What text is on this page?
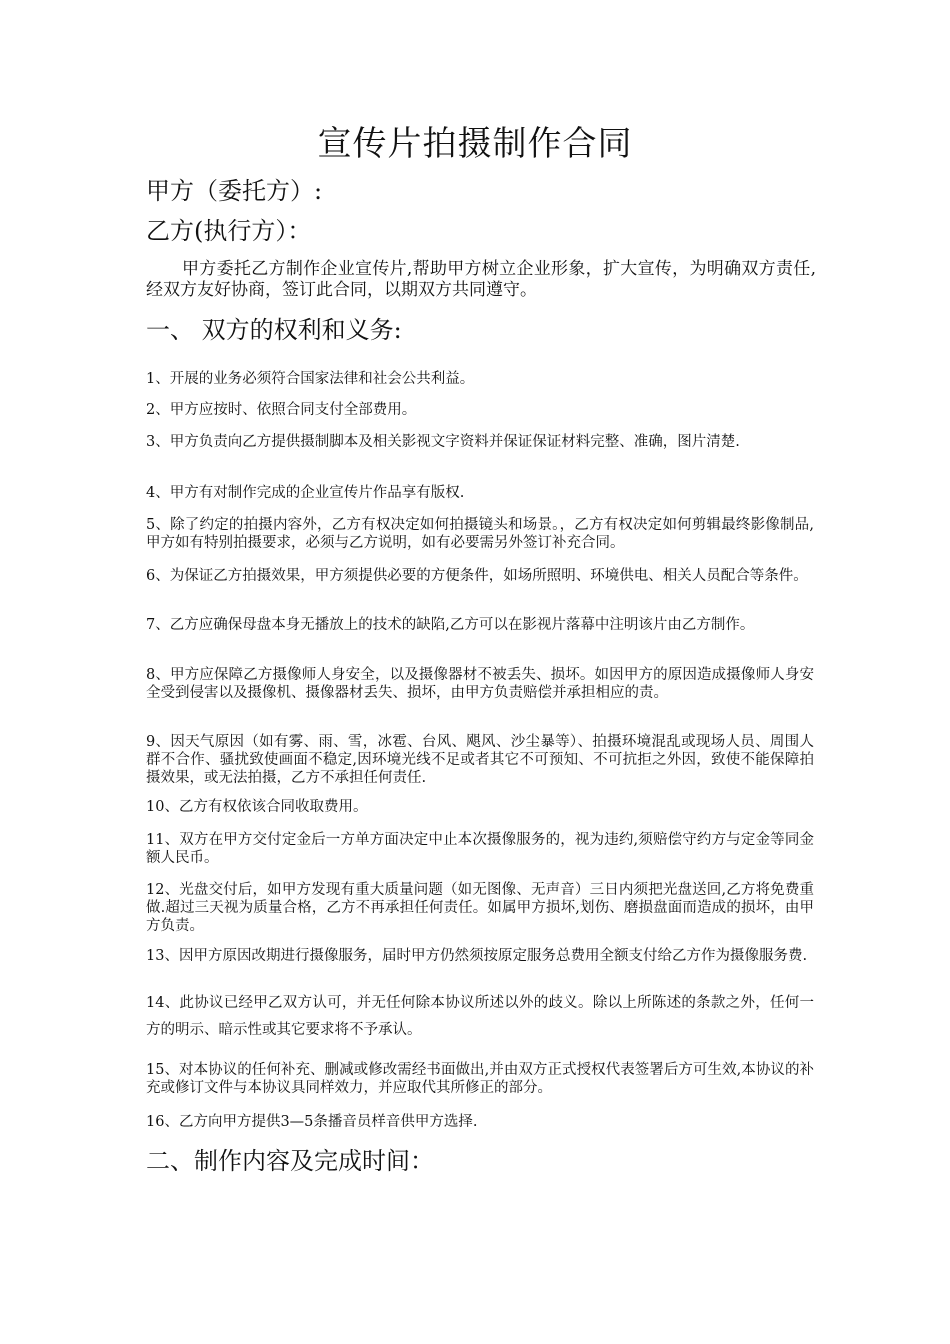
宣传片拍摄制作合同

甲方（委托方）:

乙方(执行方）：

甲方委托乙方制作企业宣传片,帮助甲方树立企业形象，扩大宣传，为明确双方责任,经双方友好协商，签订此合同，以期双方共同遵守。

一、 双方的权利和义务:

1、开展的业务必须符合国家法律和社会公共利益。

2、甲方应按时、依照合同支付全部费用。

3、甲方负责向乙方提供摄制脚本及相关影视文字资料并保证保证材料完整、准确，图片清楚.

4、甲方有对制作完成的企业宣传片作品享有版权.

5、除了约定的拍摄内容外，乙方有权决定如何拍摄镜头和场景。，乙方有权决定如何剪辑最终影像制品,甲方如有特别拍摄要求，必须与乙方说明，如有必要需另外签订补充合同。

6、为保证乙方拍摄效果，甲方须提供必要的方便条件，如场所照明、环境供电、相关人员配合等条件。

7、乙方应确保母盘本身无播放上的技术的缺陷,乙方可以在影视片落幕中注明该片由乙方制作。

8、甲方应保障乙方摄像师人身安全，以及摄像器材不被丢失、损坏。如因甲方的原因造成摄像师人身安全受到侵害以及摄像机、摄像器材丢失、损坏，由甲方负责赔偿并承担相应的责。

9、因天气原因（如有雾、雨、雪，冰雹、台风、飓风、沙尘暴等）、拍摄环境混乱或现场人员、周围人群不合作、骚扰致使画面不稳定,因环境光线不足或者其它不可预知、不可抗拒之外因，致使不能保障拍摄效果，或无法拍摄，乙方不承担任何责任.

10、乙方有权依该合同收取费用。

11、双方在甲方交付定金后一方单方面决定中止本次摄像服务的，视为违约,须赔偿守约方与定金等同金额人民币。

12、光盘交付后，如甲方发现有重大质量问题（如无图像、无声音）三日内须把光盘送回,乙方将免费重做.超过三天视为质量合格，乙方不再承担任何责任。如属甲方损坏,划伤、磨损盘面而造成的损坏，由甲方负责。

13、因甲方原因改期进行摄像服务，届时甲方仍然须按原定服务总费用全额支付给乙方作为摄像服务费.

14、此协议已经甲乙双方认可，并无任何除本协议所述以外的歧义。除以上所陈述的条款之外，任何一方的明示、暗示性或其它要求将不予承认。

15、对本协议的任何补充、删减或修改需经书面做出,并由双方正式授权代表签署后方可生效,本协议的补充或修订文件与本协议具同样效力，并应取代其所修正的部分。

16、乙方向甲方提供3—5条播音员样音供甲方选择.

二、制作内容及完成时间：
